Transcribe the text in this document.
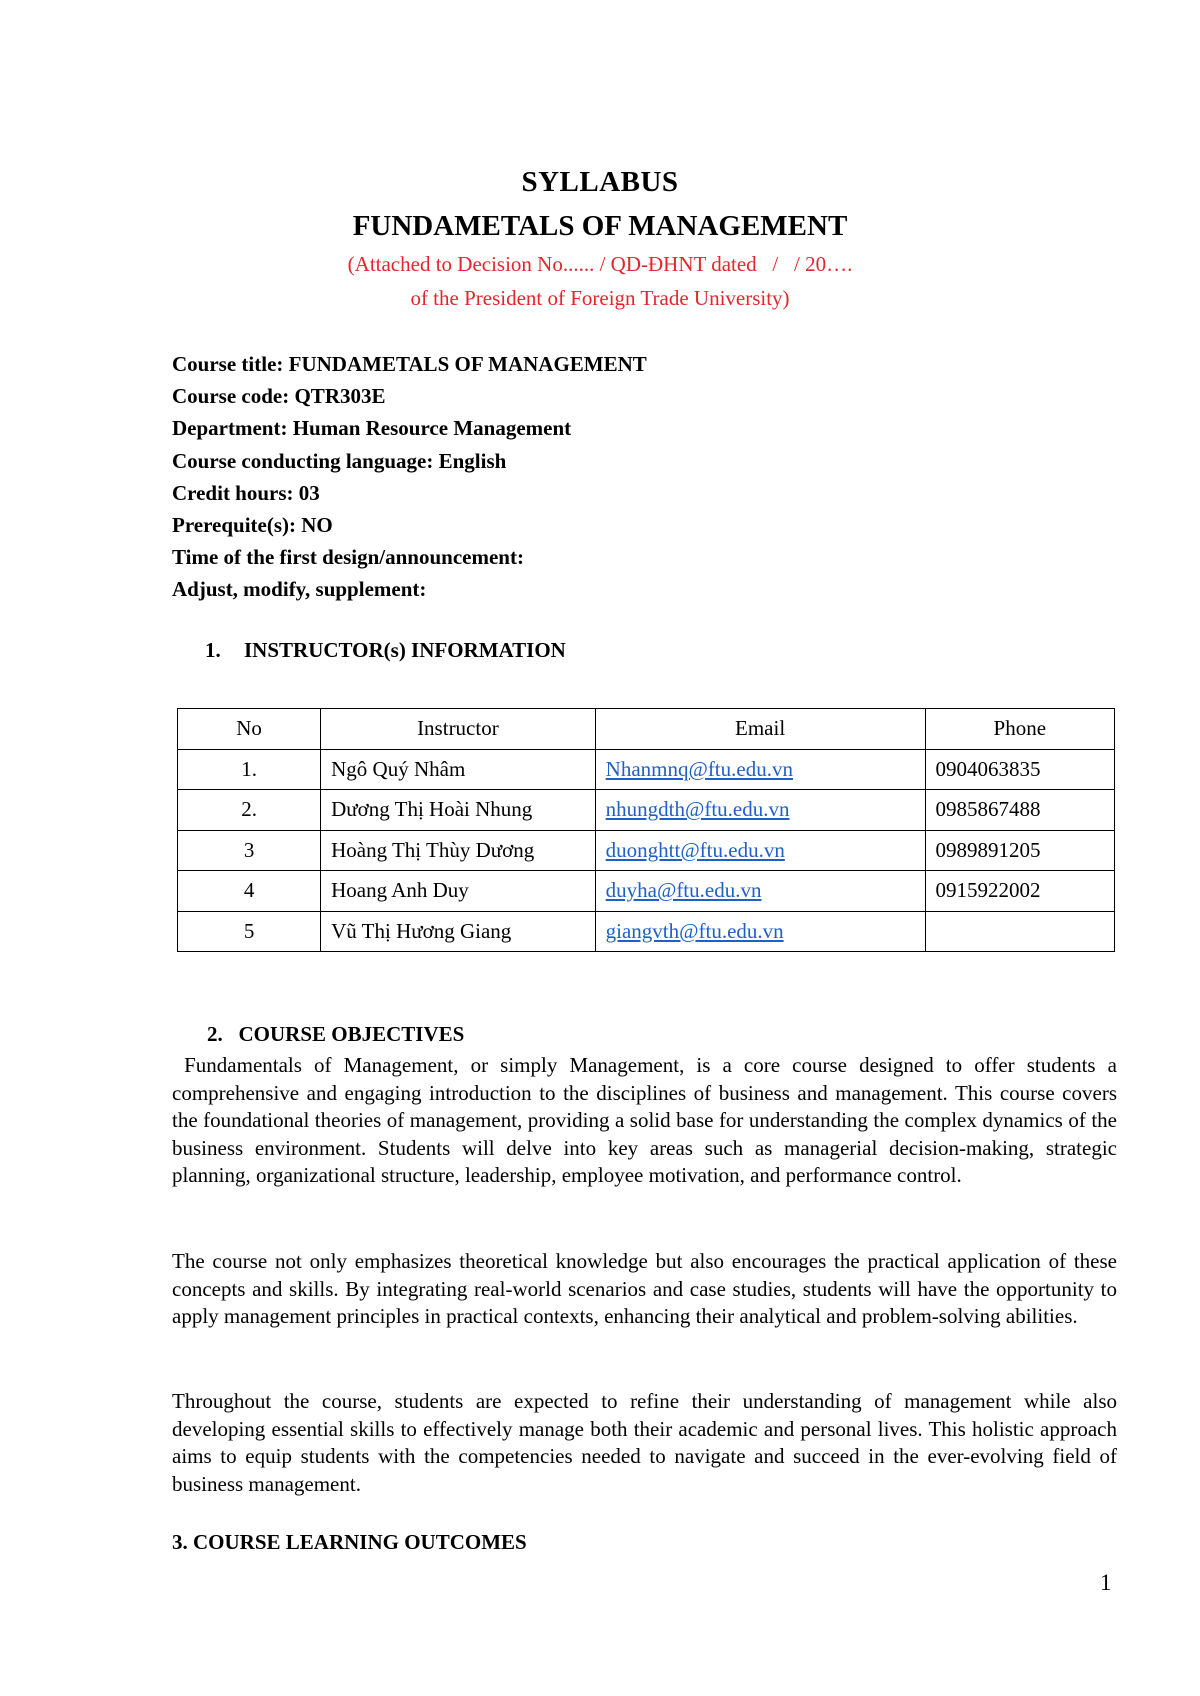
SYLLABUS
FUNDAMETALS OF MANAGEMENT
(Attached to Decision No...... / QD-ĐHNT dated   /   / 20….
of the President of Foreign Trade University)
Course title: FUNDAMETALS OF MANAGEMENT
Course code: QTR303E
Department: Human Resource Management
Course conducting language: English
Credit hours: 03
Prerequite(s): NO
Time of the first design/announcement:
Adjust, modify, supplement:
1. INSTRUCTOR(s) INFORMATION
No	Instructor	Email	Phone
1.	Ngô Quý Nhâm	Nhanmnq@ftu.edu.vn	0904063835
2.	Dương Thị Hoài Nhung	nhungdth@ftu.edu.vn	0985867488
3	Hoàng Thị Thùy Dương	duonghtt@ftu.edu.vn	0989891205
4	Hoang Anh Duy	duyha@ftu.edu.vn	0915922002
5	Vũ Thị Hương Giang	giangvth@ftu.edu.vn	
2.   COURSE OBJECTIVES
Fundamentals of Management, or simply Management, is a core course designed to offer students a comprehensive and engaging introduction to the disciplines of business and management. This course covers the foundational theories of management, providing a solid base for understanding the complex dynamics of the business environment. Students will delve into key areas such as managerial decision-making, strategic planning, organizational structure, leadership, employee motivation, and performance control.
The course not only emphasizes theoretical knowledge but also encourages the practical application of these concepts and skills. By integrating real-world scenarios and case studies, students will have the opportunity to apply management principles in practical contexts, enhancing their analytical and problem-solving abilities.
Throughout the course, students are expected to refine their understanding of management while also developing essential skills to effectively manage both their academic and personal lives. This holistic approach aims to equip students with the competencies needed to navigate and succeed in the ever-evolving field of business management.
3. COURSE LEARNING OUTCOMES
1
